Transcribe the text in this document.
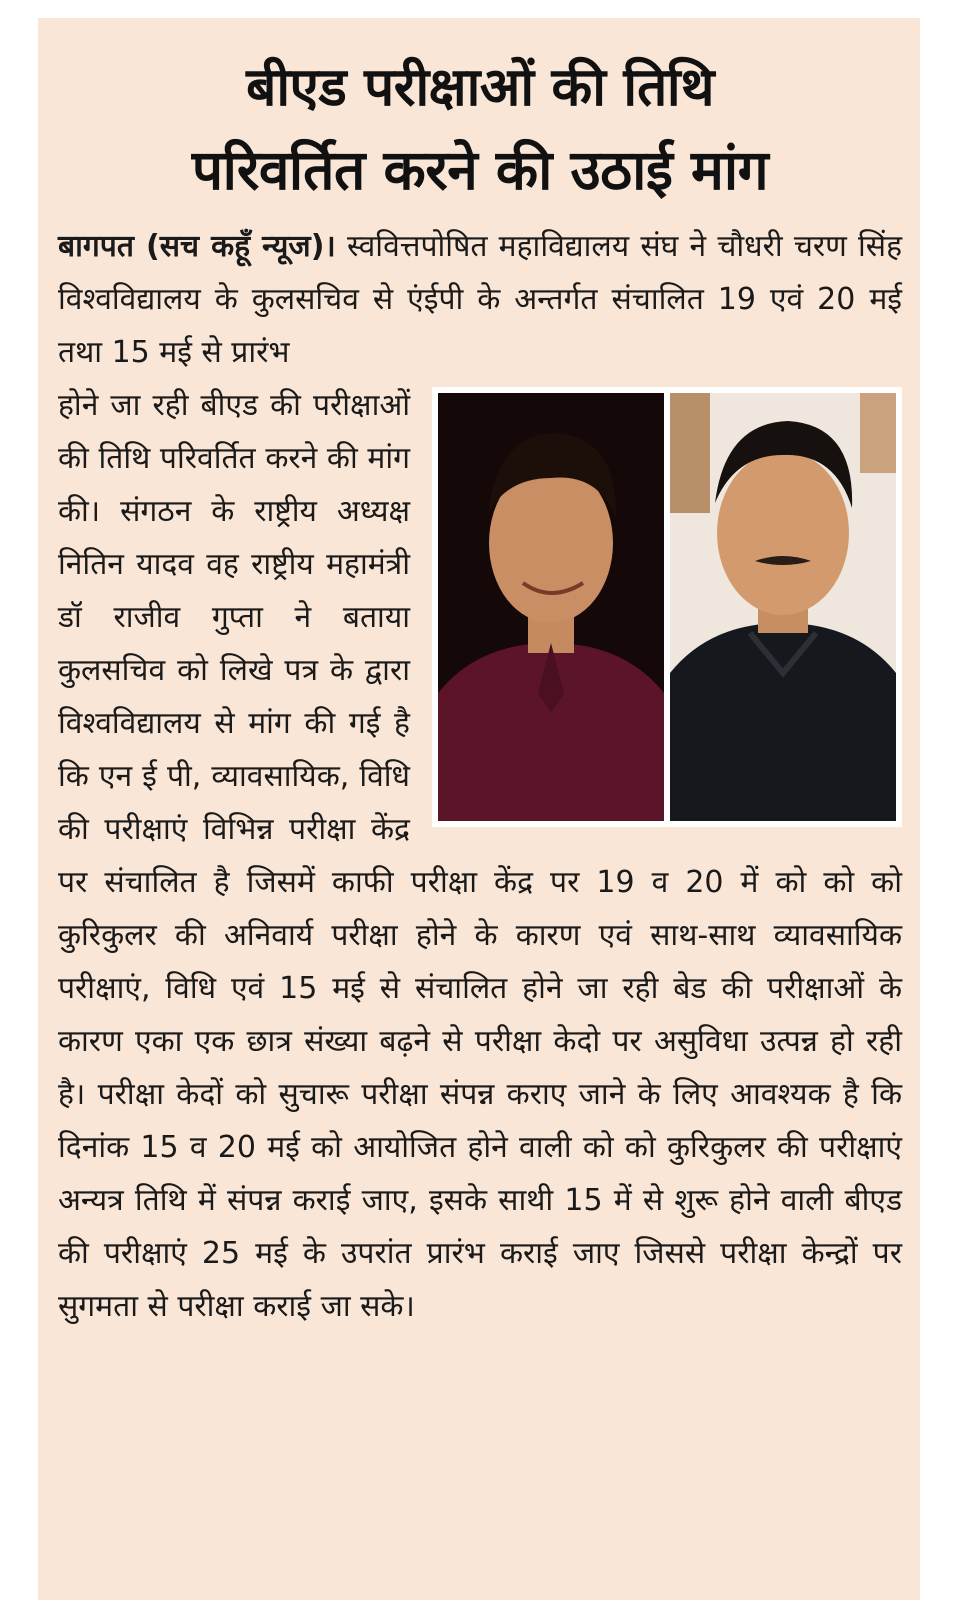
बीएड परीक्षाओं की तिथि
परिवर्तित करने की उठाई मांग
बागपत (सच कहूँ न्यूज)। स्ववित्तपोषित महाविद्यालय संघ ने चौधरी चरण सिंह विश्वविद्यालय के कुलसचिव से एंईपी के अन्तर्गत संचालित 19 एवं 20 मई तथा 15 मई से प्रारंभ
होने जा रही बीएड की परीक्षाओं की तिथि परिवर्तित करने की मांग की। संगठन के राष्ट्रीय अध्यक्ष नितिन यादव वह राष्ट्रीय महामंत्री डॉ राजीव गुप्ता ने बताया कुलसचिव को लिखे पत्र के द्वारा विश्वविद्यालय से मांग की गई है कि एन ई पी, व्यावसायिक, विधि की परीक्षाएं विभिन्न परीक्षा केंद्र पर संचालित है जिसमें काफी परीक्षा केंद्र पर 19 व 20 में को को को कुरिकुलर की अनिवार्य परीक्षा होने के कारण एवं साथ-साथ व्यावसायिक परीक्षाएं, विधि एवं 15 मई से संचालित होने जा रही बेड की परीक्षाओं के कारण एका एक छात्र संख्या बढ़ने से परीक्षा केदो पर असुविधा उत्पन्न हो रही है। परीक्षा केदों को सुचारू परीक्षा संपन्न कराए जाने के लिए आवश्यक है कि दिनांक 15 व 20 मई को आयोजित होने वाली को को कुरिकुलर की परीक्षाएं अन्यत्र तिथि में संपन्न कराई जाए, इसके साथी 15 में से शुरू होने वाली बीएड की परीक्षाएं 25 मई के उपरांत प्रारंभ कराई जाए जिससे परीक्षा केन्द्रों पर सुगमता से परीक्षा कराई जा सके।
